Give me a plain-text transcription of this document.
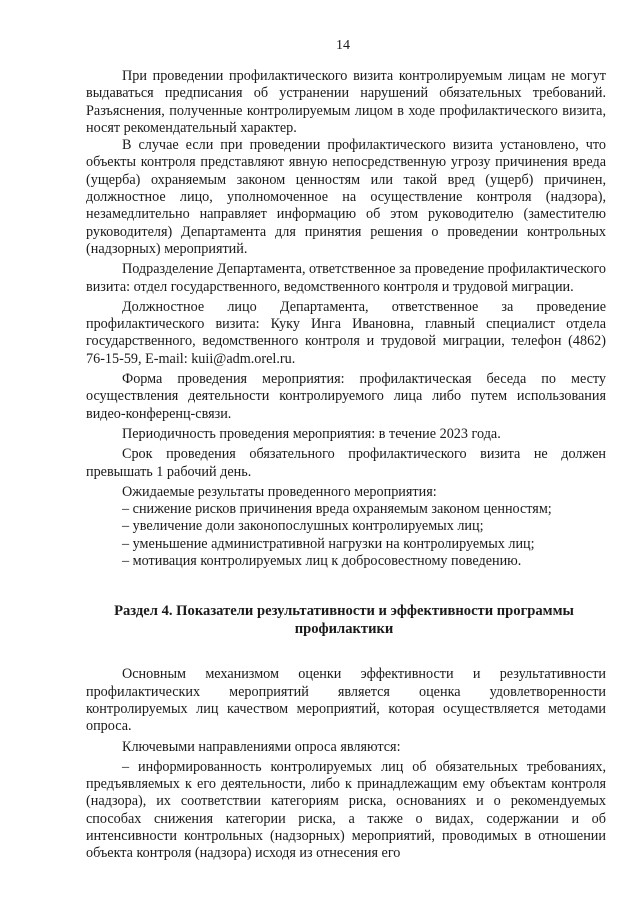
14

При проведении профилактического визита контролируемым лицам не могут выдаваться предписания об устранении нарушений обязательных требований. Разъяснения, полученные контролируемым лицом в ходе профилактического визита, носят рекомендательный характер.

В случае если при проведении профилактического визита установлено, что объекты контроля представляют явную непосредственную угрозу причинения вреда (ущерба) охраняемым законом ценностям или такой вред (ущерб) причинен, должностное лицо, уполномоченное на осуществление контроля (надзора), незамедлительно направляет информацию об этом руководителю (заместителю руководителя) Департамента для принятия решения о проведении контрольных (надзорных) мероприятий.

Подразделение Департамента, ответственное за проведение профилактического визита: отдел государственного, ведомственного контроля и трудовой миграции.

Должностное лицо Департамента, ответственное за проведение профилактического визита: Куку Инга Ивановна, главный специалист отдела государственного, ведомственного контроля и трудовой миграции, телефон (4862) 76-15-59, E-mail: kuii@adm.orel.ru.

Форма проведения мероприятия: профилактическая беседа по месту осуществления деятельности контролируемого лица либо путем использования видео-конференц-связи.

Периодичность проведения мероприятия: в течение 2023 года.

Срок проведения обязательного профилактического визита не должен превышать 1 рабочий день.

Ожидаемые результаты проведенного мероприятия:

– снижение рисков причинения вреда охраняемым законом ценностям;

– увеличение доли законопослушных контролируемых лиц;

– уменьшение административной нагрузки на контролируемых лиц;

– мотивация контролируемых лиц к добросовестному поведению.

Раздел 4. Показатели результативности и эффективности программы профилактики

Основным механизмом оценки эффективности и результативности профилактических мероприятий является оценка удовлетворенности контролируемых лиц качеством мероприятий, которая осуществляется методами опроса.

Ключевыми направлениями опроса являются:

– информированность контролируемых лиц об обязательных требованиях, предъявляемых к его деятельности, либо к принадлежащим ему объектам контроля (надзора), их соответствии категориям риска, основаниях и о рекомендуемых способах снижения категории риска, а также о видах, содержании и об интенсивности контрольных (надзорных) мероприятий, проводимых в отношении объекта контроля (надзора) исходя из отнесения его
